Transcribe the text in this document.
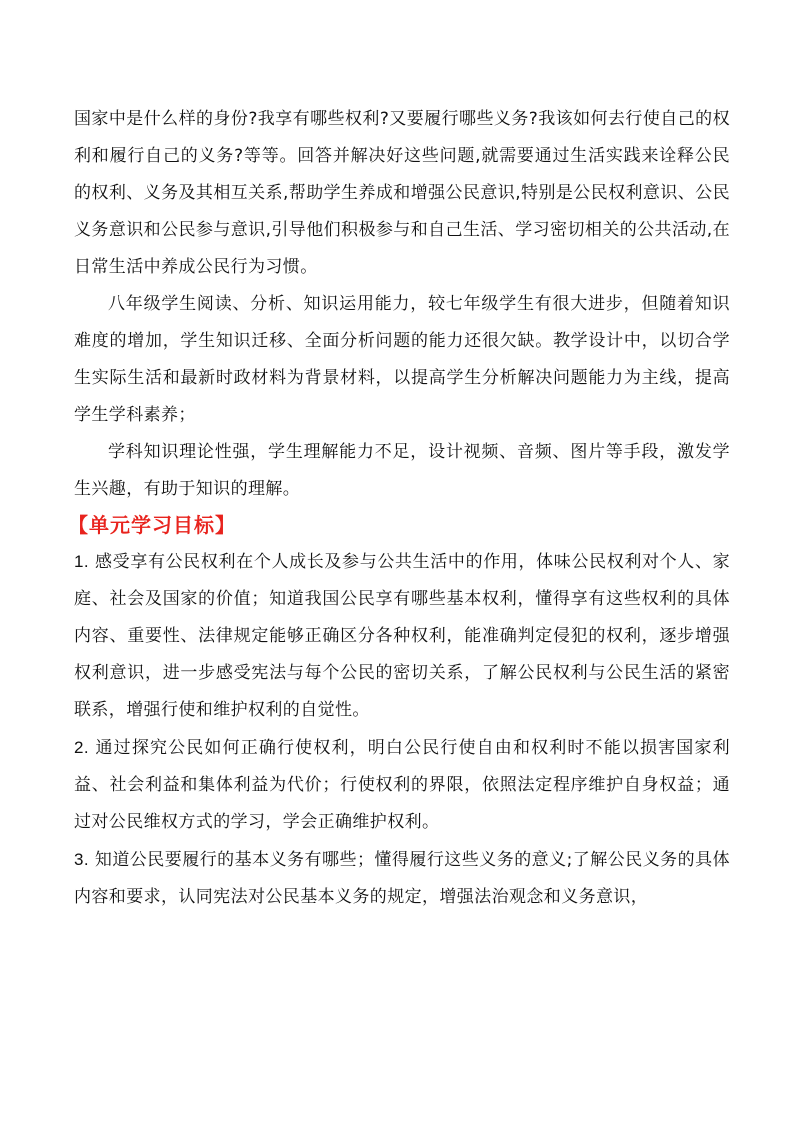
国家中是什么样的身份?我享有哪些权利?又要履行哪些义务?我该如何去行使自己的权利和履行自己的义务?等等。回答并解决好这些问题,就需要通过生活实践来诠释公民的权利、义务及其相互关系,帮助学生养成和增强公民意识,特别是公民权利意识、公民义务意识和公民参与意识,引导他们积极参与和自己生活、学习密切相关的公共活动,在日常生活中养成公民行为习惯。

八年级学生阅读、分析、知识运用能力，较七年级学生有很大进步，但随着知识难度的增加，学生知识迁移、全面分析问题的能力还很欠缺。教学设计中，以切合学生实际生活和最新时政材料为背景材料，以提高学生分析解决问题能力为主线，提高学生学科素养；

学科知识理论性强，学生理解能力不足，设计视频、音频、图片等手段，激发学生兴趣，有助于知识的理解。

【单元学习目标】

1. 感受享有公民权利在个人成长及参与公共生活中的作用，体味公民权利对个人、家庭、社会及国家的价值；知道我国公民享有哪些基本权利，懂得享有这些权利的具体内容、重要性、法律规定能够正确区分各种权利，能准确判定侵犯的权利，逐步增强权利意识，进一步感受宪法与每个公民的密切关系，了解公民权利与公民生活的紧密联系，增强行使和维护权利的自觉性。

2. 通过探究公民如何正确行使权利，明白公民行使自由和权利时不能以损害国家利益、社会利益和集体利益为代价；行使权利的界限，依照法定程序维护自身权益；通过对公民维权方式的学习，学会正确维护权利。

3. 知道公民要履行的基本义务有哪些；懂得履行这些义务的意义;了解公民义务的具体内容和要求，认同宪法对公民基本义务的规定，增强法治观念和义务意识，
